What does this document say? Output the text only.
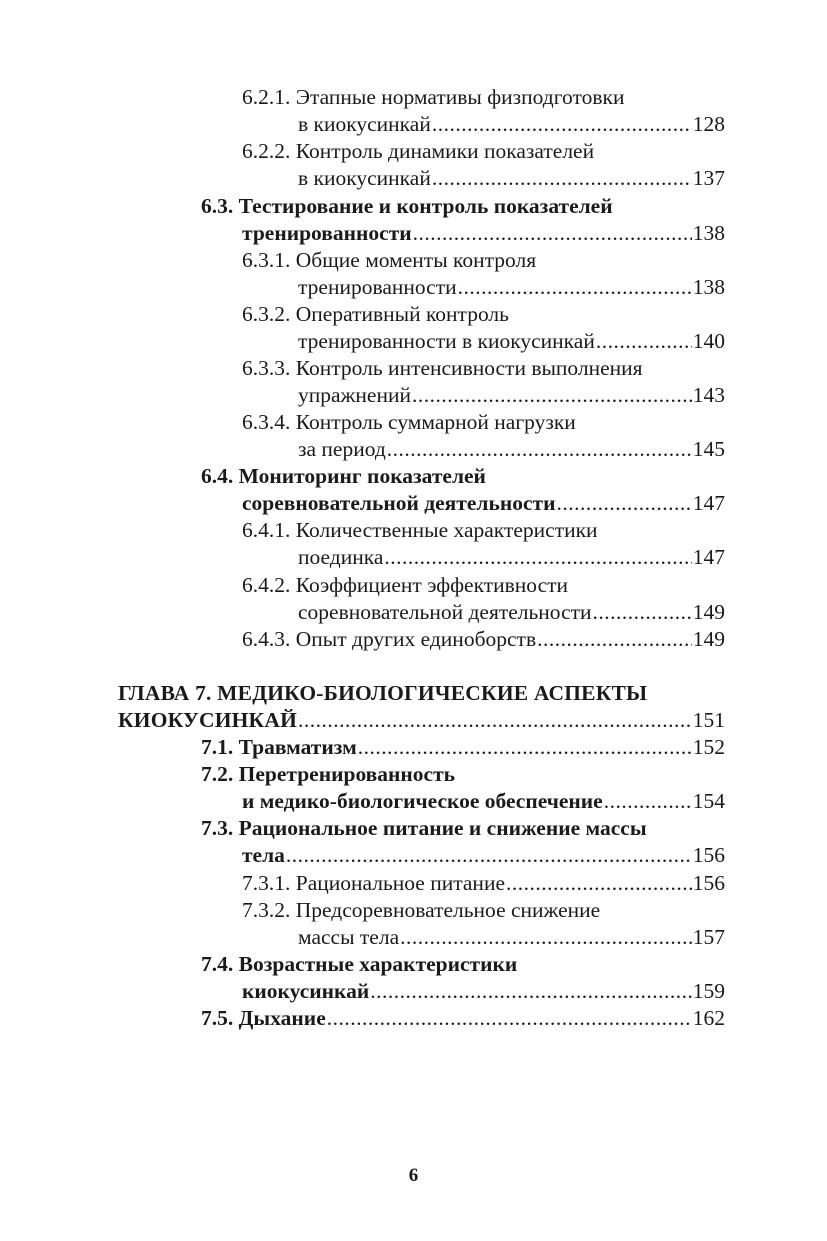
6.2.1. Этапные нормативы физподготовки
в киокусинкай .....	128
6.2.2. Контроль динамики показателей
в киокусинкай .....	137
6.3. Тестирование и контроль показателей
тренированности .....	138
6.3.1. Общие моменты контроля
тренированности .....	138
6.3.2. Оперативный контроль
тренированности в киокусинкай .....	140
6.3.3. Контроль интенсивности выполнения
упражнений .....	143
6.3.4. Контроль суммарной нагрузки
за период .....	145
6.4. Мониторинг показателей
соревновательной деятельности .....	147
6.4.1. Количественные характеристики
поединка .....	147
6.4.2. Коэффициент эффективности
соревновательной деятельности .....	149
6.4.3. Опыт других единоборств .....	149
ГЛАВА 7. МЕДИКО-БИОЛОГИЧЕСКИЕ АСПЕКТЫ
КИОКУСИНКАЙ .....	151
7.1. Травматизм .....	152
7.2. Перетренированность
и медико-биологическое обеспечение .....	154
7.3. Рациональное питание и снижение массы
тела .....	156
7.3.1. Рациональное питание .....	156
7.3.2. Предсоревновательное снижение
массы тела .....	157
7.4. Возрастные характеристики
киокусинкай .....	159
7.5. Дыхание .....	162
6
